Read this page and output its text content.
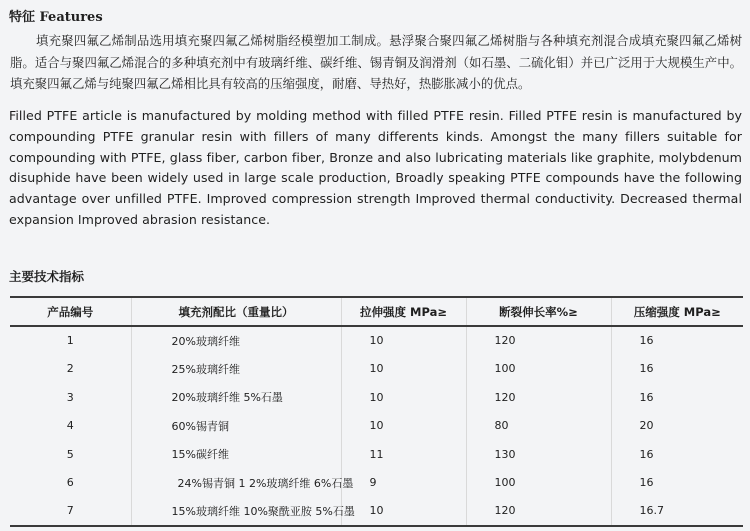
特征 Features

填充聚四氟乙烯制品选用填充聚四氟乙烯树脂经模塑加工制成。悬浮聚合聚四氟乙烯树脂与各种填充剂混合成填充聚四氟乙烯树脂。适合与聚四氟乙烯混合的多种填充剂中有玻璃纤维、碳纤维、锡青铜及润滑剂（如石墨、二硫化钼）并已广泛用于大规模生产中。填充聚四氟乙烯与纯聚四氟乙烯相比具有较高的压缩强度，耐磨、导热好，热膨胀减小的优点。

Filled PTFE article is manufactured by molding method with filled PTFE resin. Filled PTFE resin is manufactured by compounding PTFE granular resin with fillers of many differents kinds. Amongst the many fillers suitable for compounding with PTFE, glass fiber, carbon fiber, Bronze and also lubricating materials like graphite, molybdenum disuphide have been widely used in large scale production, Broadly speaking PTFE compounds have the following advantage over unfilled PTFE. Improved compression strength Improved thermal conductivity. Decreased thermal expansion Improved abrasion resistance.

主要技术指标
产品编号	填充剂配比（重量比）	拉伸强度 MPa≥	断裂伸长率%≥	压缩强度 MPa≥
1	20%玻璃纤维	10	120	16
2	25%玻璃纤维	10	100	16
3	20%玻璃纤维 5%石墨	10	120	16
4	60%锡青铜	10	80	20
5	15%碳纤维	11	130	16
6	24%锡青铜 1 2%玻璃纤维 6%石墨	9	100	16
7	15%玻璃纤维 10%聚酰亚胺 5%石墨	10	120	16.7
